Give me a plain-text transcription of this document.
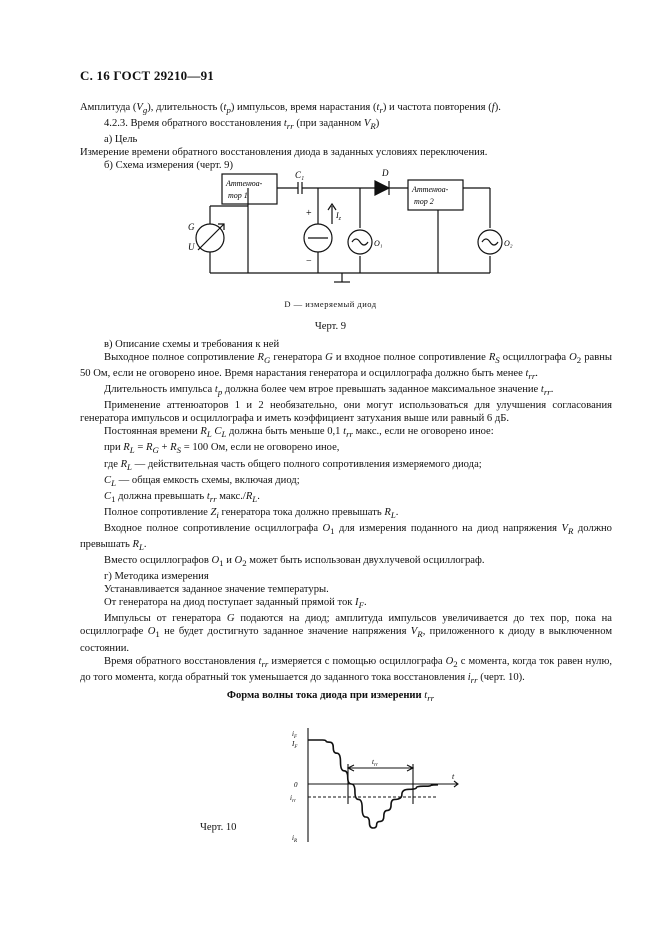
С. 16 ГОСТ 29210—91

Амплитуда $(V_g)$, длительность $(t_p)$ импульсов, время нарастания $(t_r)$ и частота повторения (f).

4.2.3. Время обратного восстановления $t_{rr}$ (при заданном $V_R$)

а) Цель

Измерение времени обратного восстановления диода в заданных условиях переключения.

б) Схема измерения (черт. 9)

Аттенюа-
тор 1
Аттенюа-
тор 2
C₁	D
G
U
$I_z$
+
−
O₁	O₂
D — измеряемый диод
Черт. 9

в) Описание схемы и требования к ней

Выходное полное сопротивление $R_G$ генератора G и входное полное сопротивление $R_S$ осциллографа $O_2$ равны 50 Ом, если не оговорено иное. Время нарастания генератора и осциллографа должно быть менее $t_{rr}$.

Длительность импульса $t_p$ должна более чем втрое превышать заданное максимальное значение $t_{rr}$.

Применение аттенюаторов 1 и 2 необязательно, они могут использоваться для улучшения согласования генератора импульсов и осциллографа и иметь коэффициент затухания выше или равный 6 дБ.

Постоянная времени $R_L$ $C_L$ должна быть меньше 0,1 $t_{rr}$ макс., если не оговорено иное:

при $R_L = R_G + R_S = 100$ Ом, если не оговорено иное,

где $R_L$ — действительная часть общего полного сопротивления измеряемого диода;

$C_L$ — общая емкость схемы, включая диод;

$C_1$ должна превышать $t_{rr}$ $макс./R_L$.

Полное сопротивление $Z_i$ генератора тока должно превышать $R_L$.

Входное полное сопротивление осциллографа $O_1$ для измерения поданного на диод напряжения $V_R$ должно превышать $R_L$.

Вместо осциллографов $O_1$ и $O_2$ может быть использован двухлучевой осциллограф.

г) Методика измерения

Устанавливается заданное значение температуры.

От генератора на диод поступает заданный прямой ток $I_F$.

Импульсы от генератора G подаются на диод; амплитуда импульсов увеличивается до тех пор, пока на осциллографе $O_1$ не будет достигнуто заданное значение напряжения $V_R$, приложенного к диоду в выключенном состоянии.

Время обратного восстановления $t_{rr}$ измеряется с помощью осциллографа $O_2$ с момента, когда ток равен нулю, до того момента, когда обратный ток уменьшается до заданного тока восстановления $i_{rr}$ (черт. 10).

Форма волны тока диода при измерении $t_{rr}$
$i_F$
$I_F$
0
$i_{rr}$
$i_R$
t
$t_{rr}$
Черт. 10
